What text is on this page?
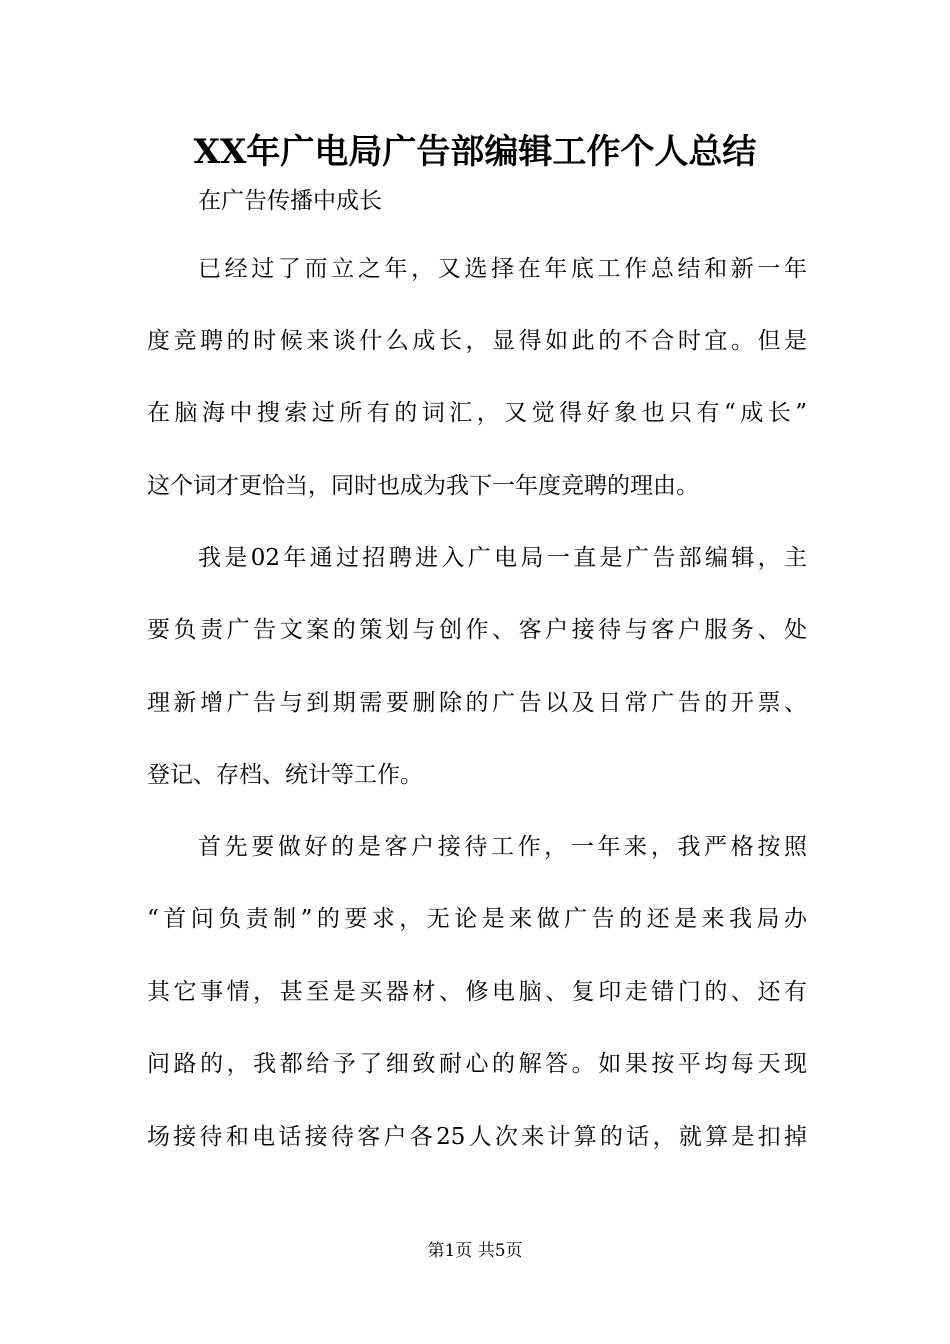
XX年广电局广告部编辑工作个人总结
在广告传播中成长
已经过了而立之年，又选择在年底工作总结和新一年
度竞聘的时候来谈什么成长，显得如此的不合时宜。但是
在脑海中搜索过所有的词汇，又觉得好象也只有“成长”
这个词才更恰当，同时也成为我下一年度竞聘的理由。
我是02年通过招聘进入广电局一直是广告部编辑，主
要负责广告文案的策划与创作、客户接待与客户服务、处
理新增广告与到期需要删除的广告以及日常广告的开票、
登记、存档、统计等工作。
首先要做好的是客户接待工作，一年来，我严格按照
“首问负责制”的要求，无论是来做广告的还是来我局办
其它事情，甚至是买器材、修电脑、复印走错门的、还有
问路的，我都给予了细致耐心的解答。如果按平均每天现
场接待和电话接待客户各25人次来计算的话，就算是扣掉
第1页 共5页
